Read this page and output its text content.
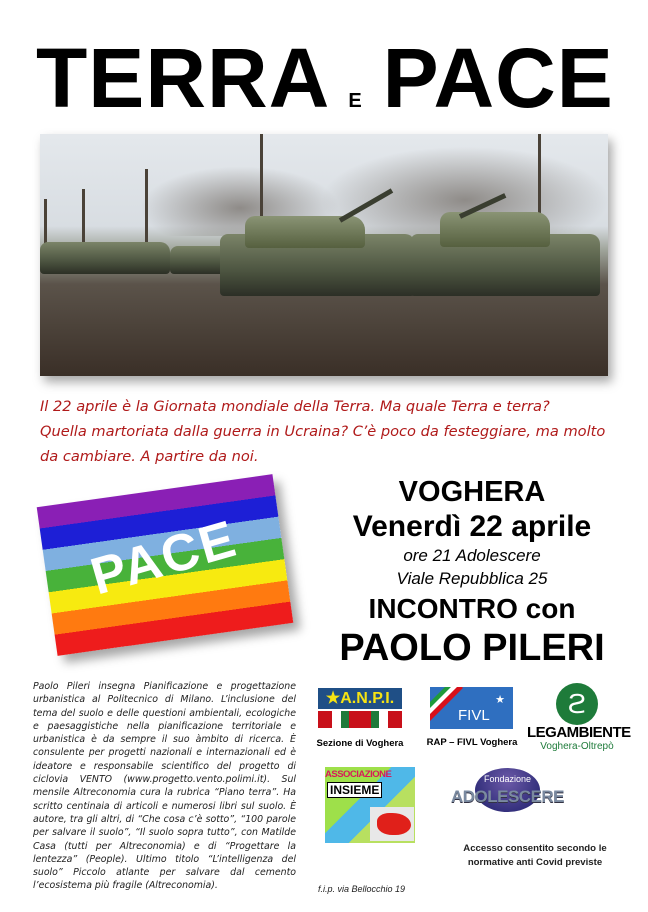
TERRA E PACE
Il 22 aprile è la Giornata mondiale della Terra. Ma quale Terra e terra?
Quella martoriata dalla guerra in Ucraina? C’è poco da festeggiare, ma molto
da cambiare. A partire da noi.
PACE
VOGHERA
Venerdì 22 aprile
ore 21 Adolescere
Viale Repubblica 25
INCONTRO con
PAOLO PILERI
Paolo Pileri insegna Pianificazione e progettazione urbanistica al Politecnico di Milano. L’inclusione del tema del suolo e delle questioni ambientali, ecologiche e paesaggistiche nella pianificazione territoriale e urbanistica è da sempre il suo àmbito di ricerca. È consulente per progetti nazionali e internazionali ed è ideatore e responsabile scientifico del progetto di ciclovia VENTO (www.progetto.vento.polimi.it). Sul mensile Altreconomia cura la rubrica “Piano terra”. Ha scritto centinaia di articoli e numerosi libri sul suolo. È autore, tra gli altri, di “Che cosa c’è sotto”, “100 parole per salvare il suolo”, “Il suolo sopra tutto”, con Matilde Casa (tutti per Altreconomia) e di “Progettare la lentezza” (People). Ultimo titolo “L’intelligenza del suolo” Piccolo atlante per salvare dal cemento l’ecosistema più fragile (Altreconomia).
★A.N.P.I.
Sezione di Voghera
FIVL
★
RAP – FIVL Voghera
ϩ
LEGAMBIENTE
Voghera-Oltrepò
ASSOCIAZIONE
INSIEME
Fondazione
ADOLESCERE
Accesso consentito secondo le
normative anti Covid previste
f.i.p. via Bellocchio 19
